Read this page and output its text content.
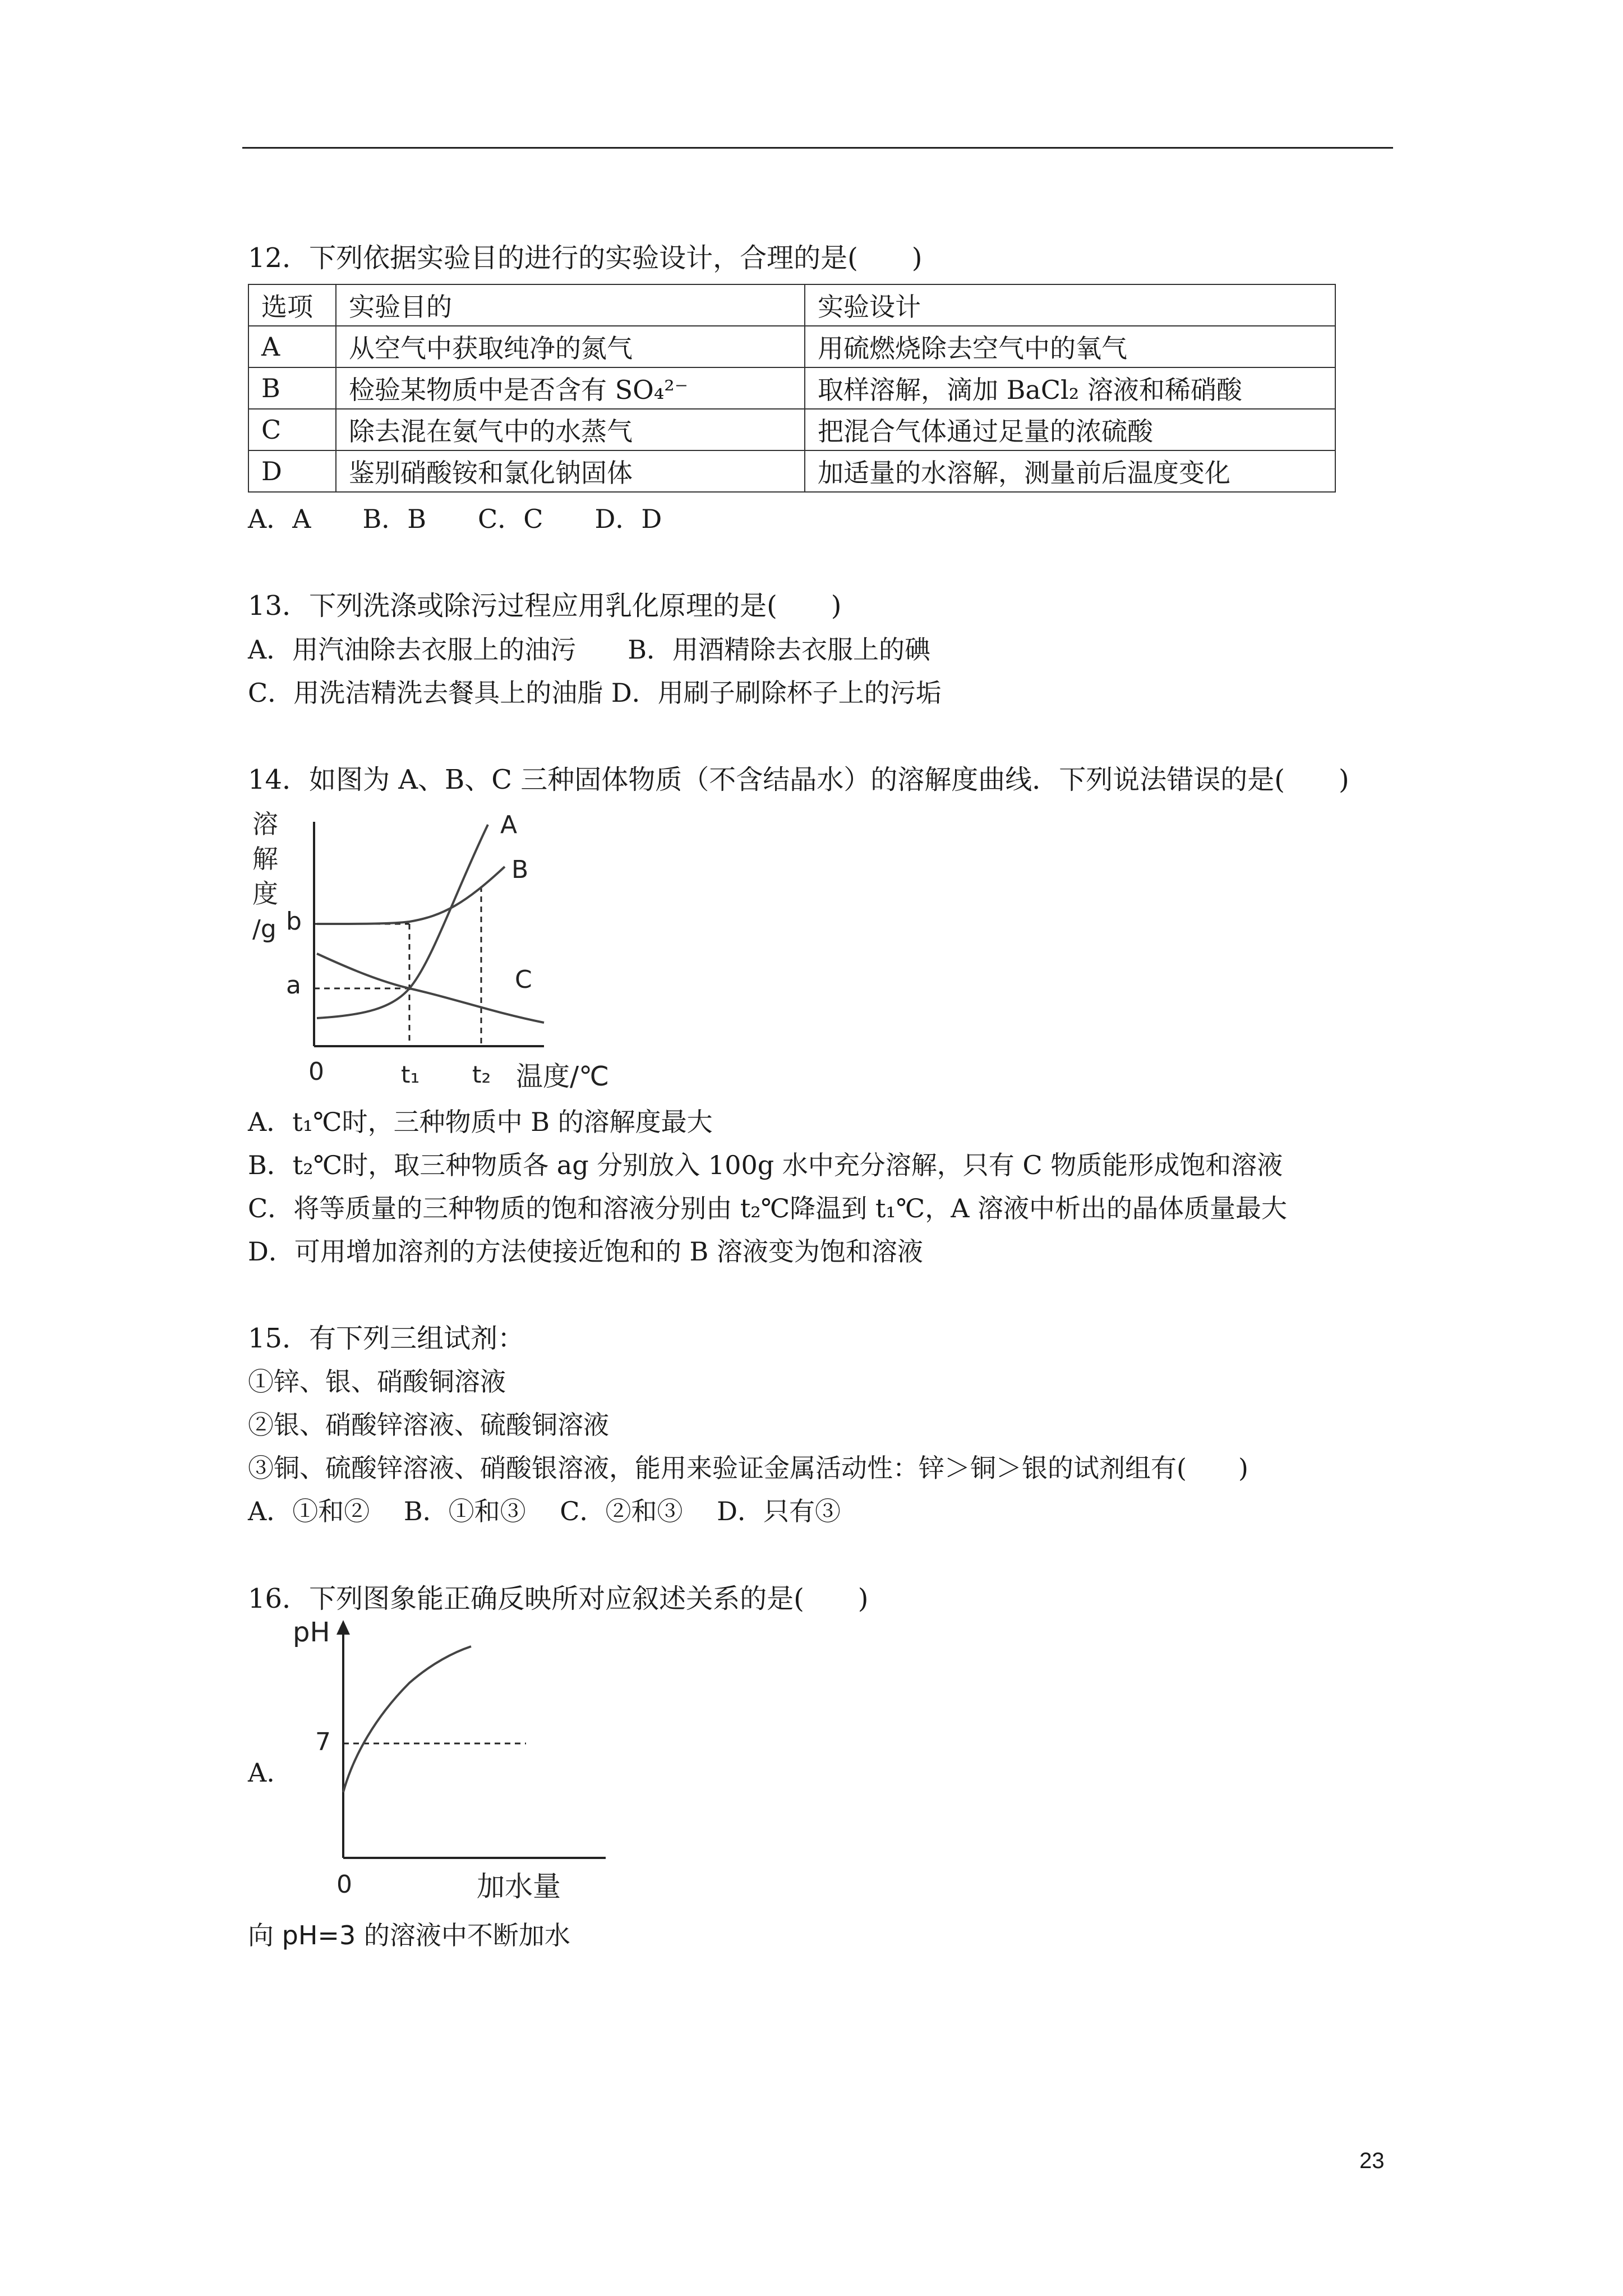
12．下列依据实验目的进行的实验设计，合理的是(　　)
选项	实验目的	实验设计
A	从空气中获取纯净的氮气	用硫燃烧除去空气中的氧气
B	检验某物质中是否含有 SO₄²⁻	取样溶解，滴加 BaCl₂ 溶液和稀硝酸
C	除去混在氨气中的水蒸气	把混合气体通过足量的浓硫酸
D	鉴别硝酸铵和氯化钠固体	加适量的水溶解，测量前后温度变化
A．A　　B．B　　C．C　　D．D
13．下列洗涤或除污过程应用乳化原理的是(　　)
A．用汽油除去衣服上的油污　　B．用酒精除去衣服上的碘
C．用洗洁精洗去餐具上的油脂 D．用刷子刷除杯子上的污垢
14．如图为 A、B、C 三种固体物质（不含结晶水）的溶解度曲线．下列说法错误的是(　　)
溶
解
度
/g
A
B
C
b
a
0	t₁ t₂ 温度/℃
A．t₁℃时，三种物质中 B 的溶解度最大
B．t₂℃时，取三种物质各 ag 分别放入 100g 水中充分溶解，只有 C 物质能形成饱和溶液
C．将等质量的三种物质的饱和溶液分别由 t₂℃降温到 t₁℃，A 溶液中析出的晶体质量最大
D．可用增加溶剂的方法使接近饱和的 B 溶液变为饱和溶液
15．有下列三组试剂：
①锌、银、硝酸铜溶液
②银、硝酸锌溶液、硫酸铜溶液
③铜、硫酸锌溶液、硝酸银溶液，能用来验证金属活动性：锌＞铜＞银的试剂组有(　　)
A．①和②　 B．①和③　 C．②和③　 D．只有③
16．下列图象能正确反映所对应叙述关系的是(　　)
A.
pH
7
0	加水量
向 pH=3 的溶液中不断加水
23
